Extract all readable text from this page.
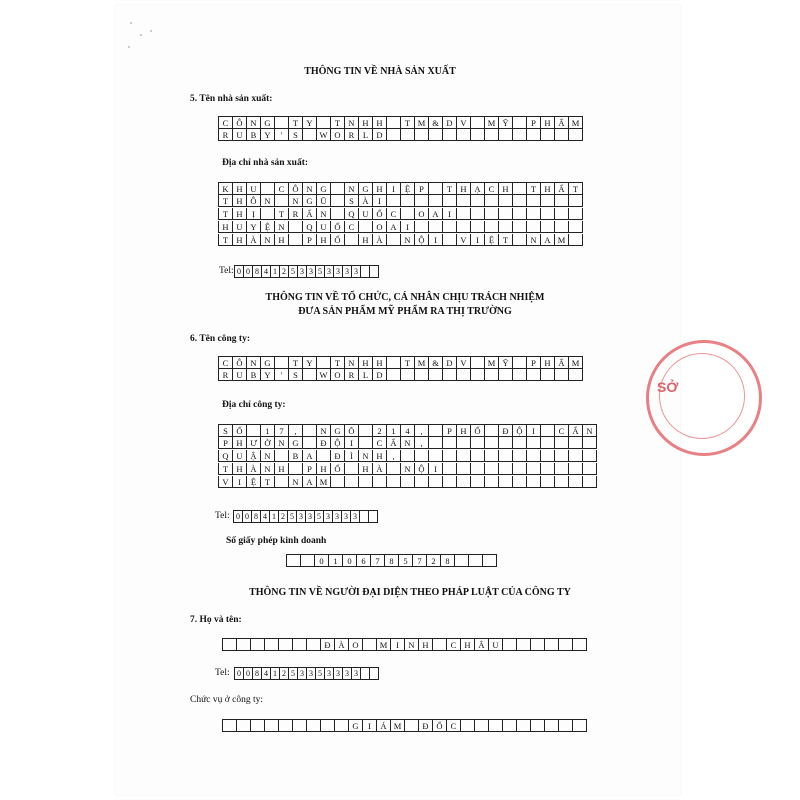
THÔNG TIN VỀ NHÀ SẢN XUẤT
5. Tên nhà sản xuất:
C Ô N G	T Y	T N H H	T M & D V	M Ỹ	P	H Ẩ M
R U B Y	'	S	W O R	L D
Địa chỉ nhà sản xuất:
K H U	C Ô N G	N G H	I	Ệ	P	T H Ạ C H	T H Ấ T
T H Ô N	N G Ũ	S	À	I
T H	Ị	T	R Ấ N	Q U Ố C	O A	I
H U Y Ệ N	Q U Ố C	O A	I
T H À N H	P	H Ố	H À	N Ộ	I	V	I	Ệ	T	N A M
Tel: 0 0 8 4 1 2 5 3 3 5 3 3 3 3
THÔNG TIN VỀ TỔ CHỨC, CÁ NHÂN CHỊU TRÁCH NHIỆM
ĐƯA SẢN PHẨM MỸ PHẨM RA THỊ TRƯỜNG
6. Tên công ty:
C Ô N G	T Y	T N H H	T M & D V	M Ỹ	P	H Ẩ M
R U B Y	'	S	W O R	L D
Địa chỉ công ty:
S	Ố	1	7	,	N G Õ	2	1	4	,	P	H Ố	Đ Ộ	I	C Ấ N
P	H Ư Ờ N G	Đ Ộ	I	C Ấ N	,
Q U Ậ N	B A	Đ	Ì	N H	,
T H À N H	P	H Ố	H À	N Ộ	I
V	I	Ệ	T	N A M
Tel: 0 0 8 4 1 2 5 3 3 5 3 3 3 3
Số giấy phép kinh doanh
0	1	0	6	7	8	5	7	2	8
THÔNG TIN VỀ NGƯỜI ĐẠI DIỆN THEO PHÁP LUẬT CỦA CÔNG TY
7. Họ và tên:
Đ À O	M	I	N H	C H Â U
Tel: 0 0 8 4 1 2 5 3 3 5 3 3 3 3
Chức vụ ở công ty:
G	I	Á M	Đ Ố C
SỞ
